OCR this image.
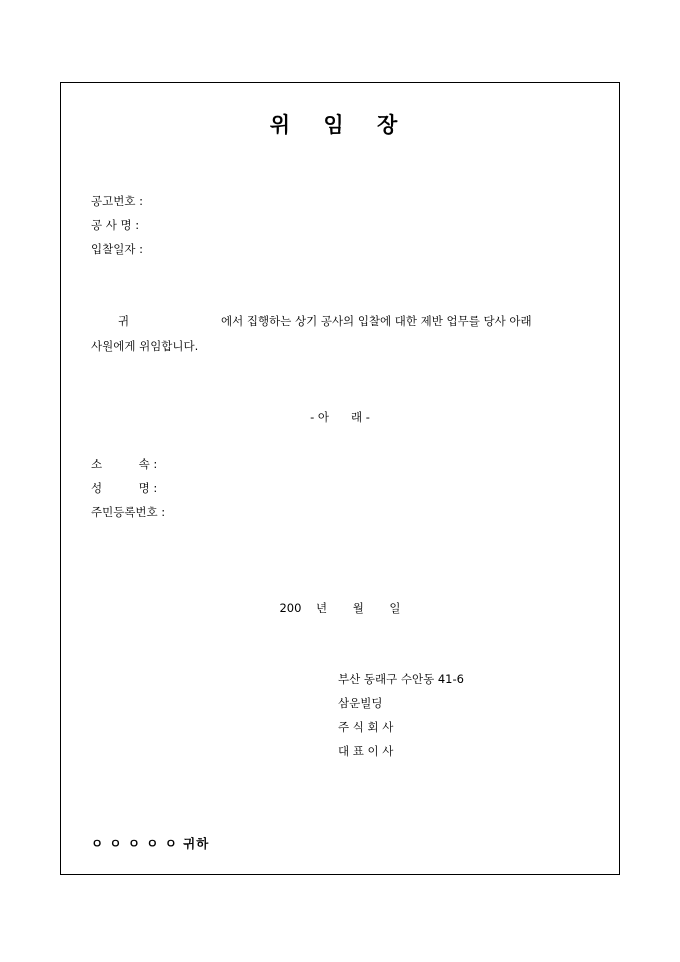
위 임 장
공고번호 :
공 사 명 :
입찰일자 :
귀	에서 집행하는 상기 공사의 입찰에 대한 제반 업무를 당사 아래
사원에게 위임합니다.
- 아      래 -
소          속 :
성          명 :
주민등록번호 :
200    년       월       일
부산 동래구 수안동 41-6
삼운빌딩
주 식 회 사
대 표 이 사
ㅇ ㅇ ㅇ ㅇ ㅇ 귀하
